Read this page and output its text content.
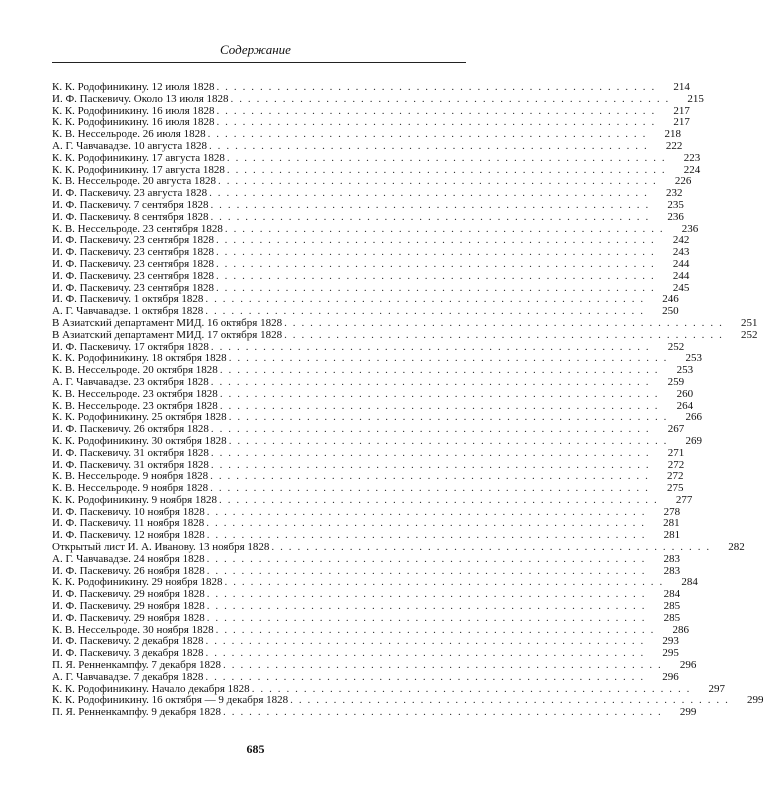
Содержание
К. К. Родофиникину. 12 июля 1828 . . . . . . . . . . . . . . . . . . . . . . . . . . . . . . . . . . . . . . . . . . . . . . . . . . .	214
И. Ф. Паскевичу. Около 13 июля 1828 . . . . . . . . . . . . . . . . . . . . . . . . . . . . . . . . . . . . . . . . . . . . . . . . . . .	215
К. К. Родофиникину. 16 июля 1828 . . . . . . . . . . . . . . . . . . . . . . . . . . . . . . . . . . . . . . . . . . . . . . . . . . .	217
К. К. Родофиникину. 16 июля 1828 . . . . . . . . . . . . . . . . . . . . . . . . . . . . . . . . . . . . . . . . . . . . . . . . . . .	217
К. В. Нессельроде. 26 июля 1828 . . . . . . . . . . . . . . . . . . . . . . . . . . . . . . . . . . . . . . . . . . . . . . . . . . .	218
А. Г. Чавчавадзе. 10 августа 1828 . . . . . . . . . . . . . . . . . . . . . . . . . . . . . . . . . . . . . . . . . . . . . . . . . . .	222
К. К. Родофиникину. 17 августа 1828 . . . . . . . . . . . . . . . . . . . . . . . . . . . . . . . . . . . . . . . . . . . . . . . . . . .	223
К. К. Родофиникину. 17 августа 1828 . . . . . . . . . . . . . . . . . . . . . . . . . . . . . . . . . . . . . . . . . . . . . . . . . . .	224
К. В. Нессельроде. 20 августа 1828 . . . . . . . . . . . . . . . . . . . . . . . . . . . . . . . . . . . . . . . . . . . . . . . . . . .	226
И. Ф. Паскевичу. 23 августа 1828 . . . . . . . . . . . . . . . . . . . . . . . . . . . . . . . . . . . . . . . . . . . . . . . . . . .	232
И. Ф. Паскевичу. 7 сентября 1828 . . . . . . . . . . . . . . . . . . . . . . . . . . . . . . . . . . . . . . . . . . . . . . . . . . .	235
И. Ф. Паскевичу. 8 сентября 1828 . . . . . . . . . . . . . . . . . . . . . . . . . . . . . . . . . . . . . . . . . . . . . . . . . . .	236
К. В. Нессельроде. 23 сентября 1828 . . . . . . . . . . . . . . . . . . . . . . . . . . . . . . . . . . . . . . . . . . . . . . . . . . .	236
И. Ф. Паскевичу. 23 сентября 1828 . . . . . . . . . . . . . . . . . . . . . . . . . . . . . . . . . . . . . . . . . . . . . . . . . . .	242
И. Ф. Паскевичу. 23 сентября 1828 . . . . . . . . . . . . . . . . . . . . . . . . . . . . . . . . . . . . . . . . . . . . . . . . . . .	243
И. Ф. Паскевичу. 23 сентября 1828 . . . . . . . . . . . . . . . . . . . . . . . . . . . . . . . . . . . . . . . . . . . . . . . . . . .	244
И. Ф. Паскевичу. 23 сентября 1828 . . . . . . . . . . . . . . . . . . . . . . . . . . . . . . . . . . . . . . . . . . . . . . . . . . .	244
И. Ф. Паскевичу. 23 сентября 1828 . . . . . . . . . . . . . . . . . . . . . . . . . . . . . . . . . . . . . . . . . . . . . . . . . . .	245
И. Ф. Паскевичу. 1 октября 1828 . . . . . . . . . . . . . . . . . . . . . . . . . . . . . . . . . . . . . . . . . . . . . . . . . . .	246
А. Г. Чавчавадзе. 1 октября 1828 . . . . . . . . . . . . . . . . . . . . . . . . . . . . . . . . . . . . . . . . . . . . . . . . . . .	250
В Азиатский департамент МИД. 16 октября 1828 . . . . . . . . . . . . . . . . . . . . . . . . . . . . . . . . . . . . . . . . . . . . . . . . . . .	251
В Азиатский департамент МИД. 17 октября 1828 . . . . . . . . . . . . . . . . . . . . . . . . . . . . . . . . . . . . . . . . . . . . . . . . . . .	252
И. Ф. Паскевичу. 17 октября 1828 . . . . . . . . . . . . . . . . . . . . . . . . . . . . . . . . . . . . . . . . . . . . . . . . . . .	252
К. К. Родофиникину. 18 октября 1828 . . . . . . . . . . . . . . . . . . . . . . . . . . . . . . . . . . . . . . . . . . . . . . . . . . .	253
К. В. Нессельроде. 20 октября 1828 . . . . . . . . . . . . . . . . . . . . . . . . . . . . . . . . . . . . . . . . . . . . . . . . . . .	253
А. Г. Чавчавадзе. 23 октября 1828 . . . . . . . . . . . . . . . . . . . . . . . . . . . . . . . . . . . . . . . . . . . . . . . . . . .	259
К. В. Нессельроде. 23 октября 1828 . . . . . . . . . . . . . . . . . . . . . . . . . . . . . . . . . . . . . . . . . . . . . . . . . . .	260
К. В. Нессельроде. 23 октября 1828 . . . . . . . . . . . . . . . . . . . . . . . . . . . . . . . . . . . . . . . . . . . . . . . . . . .	264
К. К. Родофиникину. 25 октября 1828 . . . . . . . . . . . . . . . . . . . . . . . . . . . . . . . . . . . . . . . . . . . . . . . . . . .	266
И. Ф. Паскевичу. 26 октября 1828 . . . . . . . . . . . . . . . . . . . . . . . . . . . . . . . . . . . . . . . . . . . . . . . . . . .	267
К. К. Родофиникину. 30 октября 1828 . . . . . . . . . . . . . . . . . . . . . . . . . . . . . . . . . . . . . . . . . . . . . . . . . . .	269
И. Ф. Паскевичу. 31 октября 1828 . . . . . . . . . . . . . . . . . . . . . . . . . . . . . . . . . . . . . . . . . . . . . . . . . . .	271
И. Ф. Паскевичу. 31 октября 1828 . . . . . . . . . . . . . . . . . . . . . . . . . . . . . . . . . . . . . . . . . . . . . . . . . . .	272
К. В. Нессельроде. 9 ноября 1828 . . . . . . . . . . . . . . . . . . . . . . . . . . . . . . . . . . . . . . . . . . . . . . . . . . .	272
К. В. Нессельроде. 9 ноября 1828 . . . . . . . . . . . . . . . . . . . . . . . . . . . . . . . . . . . . . . . . . . . . . . . . . . .	275
К. К. Родофиникину. 9 ноября 1828 . . . . . . . . . . . . . . . . . . . . . . . . . . . . . . . . . . . . . . . . . . . . . . . . . . .	277
И. Ф. Паскевичу. 10 ноября 1828 . . . . . . . . . . . . . . . . . . . . . . . . . . . . . . . . . . . . . . . . . . . . . . . . . . .	278
И. Ф. Паскевичу. 11 ноября 1828 . . . . . . . . . . . . . . . . . . . . . . . . . . . . . . . . . . . . . . . . . . . . . . . . . . .	281
И. Ф. Паскевичу. 12 ноября 1828 . . . . . . . . . . . . . . . . . . . . . . . . . . . . . . . . . . . . . . . . . . . . . . . . . . .	281
Открытый лист И. А. Иванову. 13 ноября 1828 . . . . . . . . . . . . . . . . . . . . . . . . . . . . . . . . . . . . . . . . . . . . . . . . . . .	282
А. Г. Чавчавадзе. 24 ноября 1828 . . . . . . . . . . . . . . . . . . . . . . . . . . . . . . . . . . . . . . . . . . . . . . . . . . .	283
И. Ф. Паскевичу. 26 ноября 1828 . . . . . . . . . . . . . . . . . . . . . . . . . . . . . . . . . . . . . . . . . . . . . . . . . . .	283
К. К. Родофиникину. 29 ноября 1828 . . . . . . . . . . . . . . . . . . . . . . . . . . . . . . . . . . . . . . . . . . . . . . . . . . .	284
И. Ф. Паскевичу. 29 ноября 1828 . . . . . . . . . . . . . . . . . . . . . . . . . . . . . . . . . . . . . . . . . . . . . . . . . . .	284
И. Ф. Паскевичу. 29 ноября 1828 . . . . . . . . . . . . . . . . . . . . . . . . . . . . . . . . . . . . . . . . . . . . . . . . . . .	285
И. Ф. Паскевичу. 29 ноября 1828 . . . . . . . . . . . . . . . . . . . . . . . . . . . . . . . . . . . . . . . . . . . . . . . . . . .	285
К. В. Нессельроде. 30 ноября 1828 . . . . . . . . . . . . . . . . . . . . . . . . . . . . . . . . . . . . . . . . . . . . . . . . . . .	286
И. Ф. Паскевичу. 2 декабря 1828 . . . . . . . . . . . . . . . . . . . . . . . . . . . . . . . . . . . . . . . . . . . . . . . . . . .	293
И. Ф. Паскевичу. 3 декабря 1828 . . . . . . . . . . . . . . . . . . . . . . . . . . . . . . . . . . . . . . . . . . . . . . . . . . .	295
П. Я. Ренненкампфу. 7 декабря 1828 . . . . . . . . . . . . . . . . . . . . . . . . . . . . . . . . . . . . . . . . . . . . . . . . . . .	296
А. Г. Чавчавадзе. 7 декабря 1828 . . . . . . . . . . . . . . . . . . . . . . . . . . . . . . . . . . . . . . . . . . . . . . . . . . .	296
К. К. Родофиникину. Начало декабря 1828 . . . . . . . . . . . . . . . . . . . . . . . . . . . . . . . . . . . . . . . . . . . . . . . . . . .	297
К. К. Родофиникину. 16 октября — 9 декабря 1828 . . . . . . . . . . . . . . . . . . . . . . . . . . . . . . . . . . . . . . . . . . . . . . . . . . .	299
П. Я. Ренненкампфу. 9 декабря 1828 . . . . . . . . . . . . . . . . . . . . . . . . . . . . . . . . . . . . . . . . . . . . . . . . . . .	299
685
